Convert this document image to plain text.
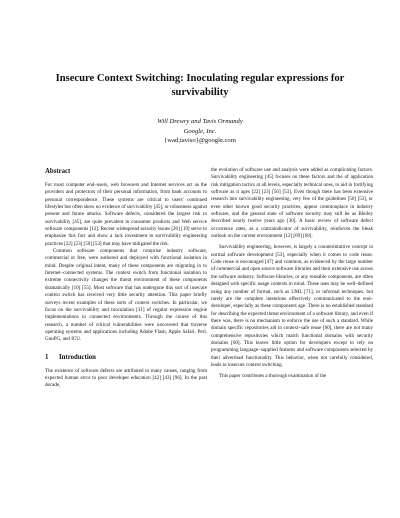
Insecure Context Switching: Inoculating regular expressions for survivability
Will Drewry and Tavis Ormandy
Google, Inc.
{wad,taviso}@google.com
Abstract

For most computer end–users, web browsers and Internet services act as the providers and protectors of their personal information, from bank accounts to personal correspondence. These systems are critical to users' continued lifestyles but often show no evidence of survivability [45], or robustness against present and future attacks. Software defects, considered the largest risk to survivability [45], are quite prevalent in consumer products and Web service software components [12]. Recent widespread security issues [20] [19] serve to emphasize this fact and show a lack investment in survivability engineering practices [22] [23] [50] [53] that may have mitigated the risk.

Common software components that comprise industry software, commercial or free, were authored and deployed with functional isolation in mind. Despite original intent, many of these components are migrating in to Internet–connected systems. The context switch from functional isolation to extreme connectivity changes the threat environment of these components dramatically [10] [55]. Most software that has undergone this sort of insecure context switch has received very little security attention. This paper briefly surveys recent examples of these sorts of context switches. In particular, we focus on the survivability and inoculation [31] of regular expression engine implementations in connected environments. Through the course of this research, a number of critical vulnerabilities were uncovered that traverse operating systems and applications including Adobe Flash, Apple Safari, Perl, GnuPG, and ICU.

1 Introduction

The existence of software defects are attributed to many causes, ranging from expected human error to poor developer education [42] [43] [96]. In the past decade,

the evolution of software use and analysis were added as complicating factors. Survivability engineering [45] focuses on these factors and the of application risk mitigation tactics at all levels, especially technical ones, to aid in fortifying software as it ages [22] [23] [50] [53]. Even though there has been extensive research into survivability engineering, very few of the guidelines [50] [53], or even other known good security practices, appear commonplace in industry software, and the general state of software security may still be as Bleiley described nearly twelve years ago [30]. A basic review of software defect occurrence rates, as a contraindicator of survivability, reinforces the bleak outlook on the current environment [12] [69] [68].

Survivability engineering, however, is largely a counterintuitive concept in normal software development [53], especially when it comes to code reuse. Code reuse is encouraged [47] and common, as evidenced by the large number of commercial and open source software libraries and their extensive use across the software industry. Software libraries, or any reusable components, are often designed with specific usage contexts in mind. These uses may be well–defined using any number of formal, such as UML [71], or informal techniques, but rarely are the complete intentions effectively communicated to the end–developer, especially as these components age. There is no established standard for describing the expected threat environment of a software library, and even if there was, there is no mechanism to enforce the use of such a standard. While domain specific repositories aid in context–safe reuse [60], there are not many comprehensive repositories which match functional domains with security domains [60]. This leaves little option for developers except to rely on programming language–supplied features and software components selected by their advertised functionality. This behavior, when not carefully considered, leads to insecure context switching.

This paper contributes a thorough examination of the
